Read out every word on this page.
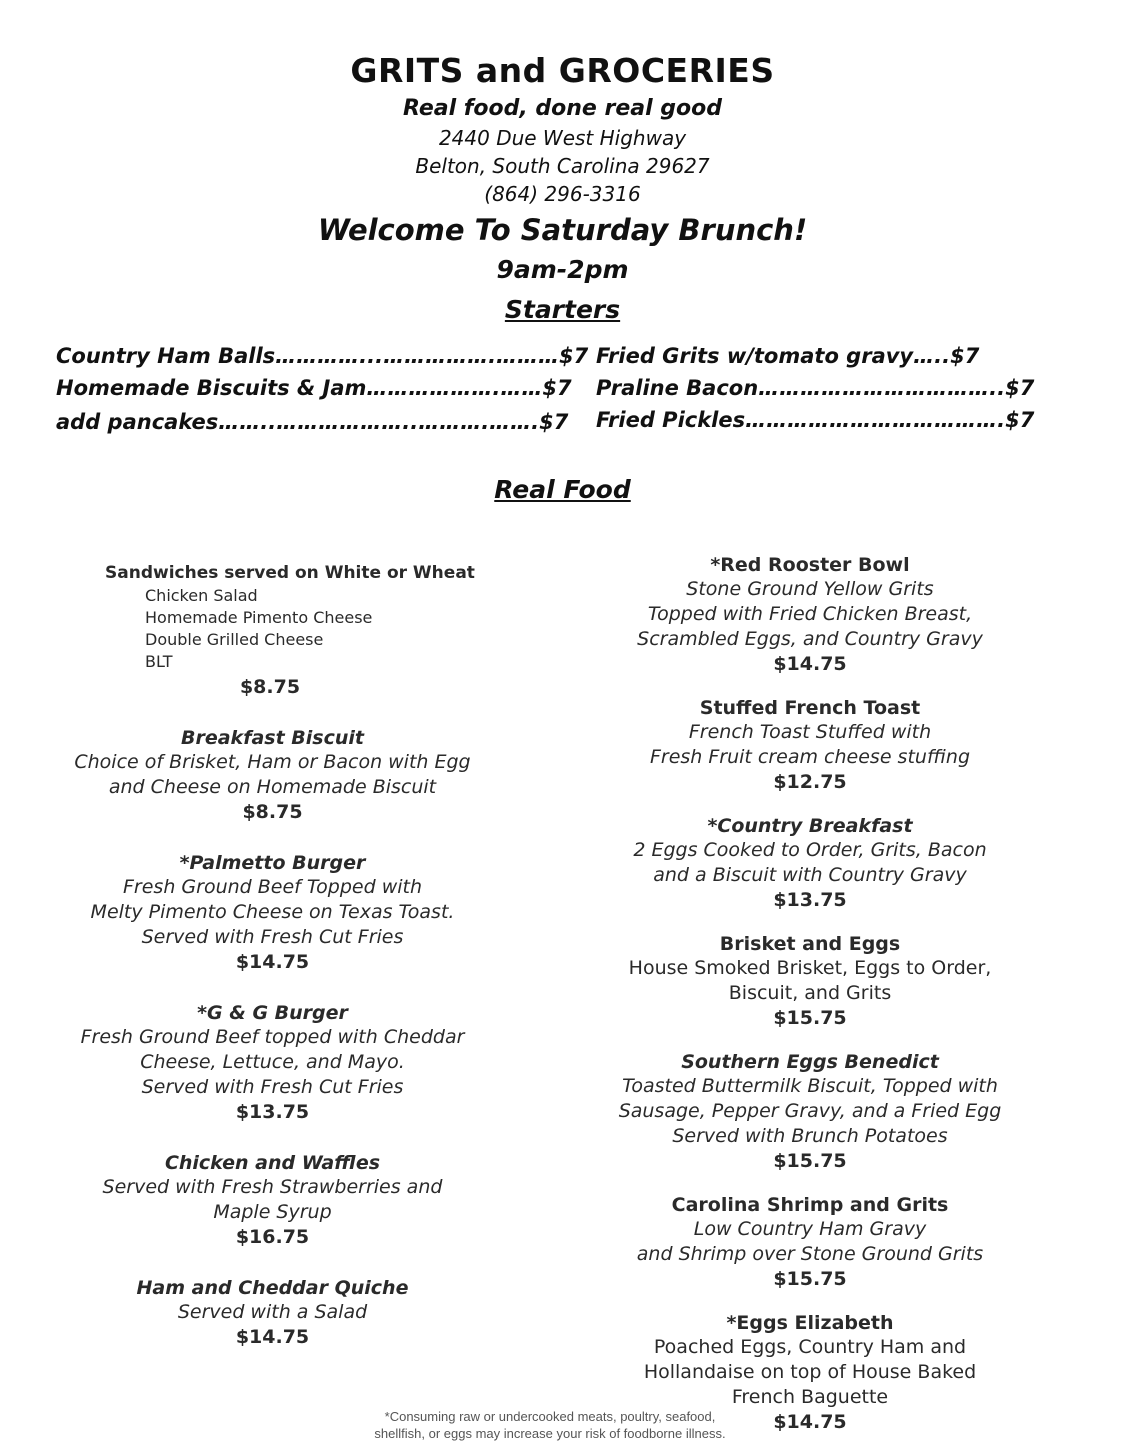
GRITS and GROCERIES
Real food, done real good
2440 Due West Highway
Belton, South Carolina 29627
(864) 296-3316
Welcome To Saturday Brunch!
9am-2pm
Starters
Country Ham Balls…………...…………….………$7
Homemade Biscuits & Jam……………….……$7
add pancakes……..………………..……….…….$7
Fried Grits w/tomato gravy…..$7
Praline Bacon……………………………..$7
Fried Pickles……………………………….$7
Real Food
Sandwiches served on White or Wheat
Chicken Salad
Homemade Pimento Cheese
Double Grilled Cheese
BLT
$8.75
Breakfast Biscuit
Choice of Brisket, Ham or Bacon with Egg
and Cheese on Homemade Biscuit
$8.75
*Palmetto Burger
Fresh Ground Beef Topped with
Melty Pimento Cheese on Texas Toast.
Served with Fresh Cut Fries
$14.75
*G & G Burger
Fresh Ground Beef topped with Cheddar
Cheese, Lettuce, and Mayo.
Served with Fresh Cut Fries
$13.75
Chicken and Waffles
Served with Fresh Strawberries and
Maple Syrup
$16.75
Ham and Cheddar Quiche
Served with a Salad
$14.75
*Red Rooster Bowl
Stone Ground Yellow Grits
Topped with Fried Chicken Breast,
Scrambled Eggs, and Country Gravy
$14.75
Stuffed French Toast
French Toast Stuffed with
Fresh Fruit cream cheese stuffing
$12.75
*Country Breakfast
2 Eggs Cooked to Order, Grits, Bacon
and a Biscuit with Country Gravy
$13.75
Brisket and Eggs
House Smoked Brisket, Eggs to Order,
Biscuit, and Grits
$15.75
Southern Eggs Benedict
Toasted Buttermilk Biscuit, Topped with
Sausage, Pepper Gravy, and a Fried Egg
Served with Brunch Potatoes
$15.75
Carolina Shrimp and Grits
Low Country Ham Gravy
and Shrimp over Stone Ground Grits
$15.75
*Eggs Elizabeth
Poached Eggs, Country Ham and
Hollandaise on top of House Baked
French Baguette
$14.75
*Consuming raw or undercooked meats, poultry, seafood,
shellfish, or eggs may increase your risk of foodborne illness.
